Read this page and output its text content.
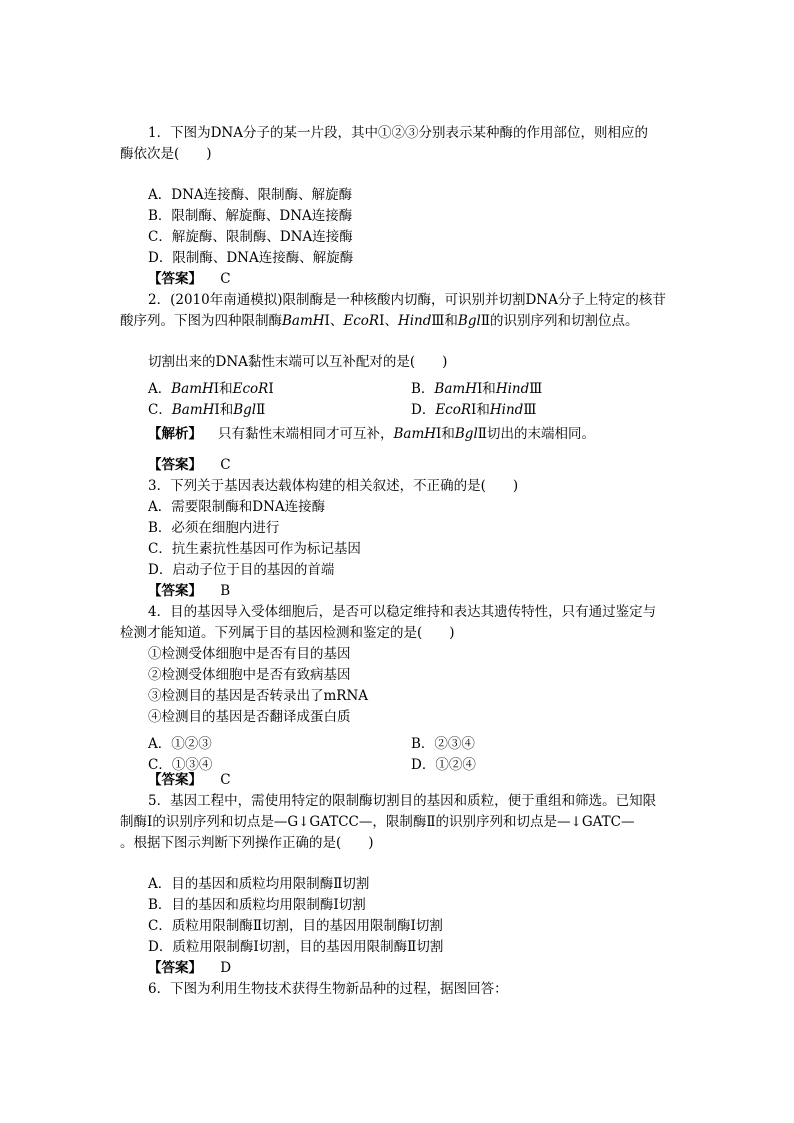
1．下图为DNA分子的某一片段，其中①②③分别表示某种酶的作用部位，则相应的
酶依次是(　　)
A．DNA连接酶、限制酶、解旋酶
B．限制酶、解旋酶、DNA连接酶
C．解旋酶、限制酶、DNA连接酶
D．限制酶、DNA连接酶、解旋酶
【答案】 C
2．(2010年南通模拟)限制酶是一种核酸内切酶，可识别并切割DNA分子上特定的核苷
酸序列。下图为四种限制酶BamHⅠ、EcoRⅠ、HindⅢ和BglⅡ的识别序列和切割位点。
切割出来的DNA黏性末端可以互补配对的是(　　)
A．BamHⅠ和EcoRⅠ	B．BamHⅠ和HindⅢ
C．BamHⅠ和BglⅡ	D．EcoRⅠ和HindⅢ
【解析】 只有黏性末端相同才可互补，BamHⅠ和BglⅡ切出的末端相同。
【答案】 C
3．下列关于基因表达载体构建的相关叙述，不正确的是(　　)
A．需要限制酶和DNA连接酶
B．必须在细胞内进行
C．抗生素抗性基因可作为标记基因
D．启动子位于目的基因的首端
【答案】 B
4．目的基因导入受体细胞后，是否可以稳定维持和表达其遗传特性，只有通过鉴定与
检测才能知道。下列属于目的基因检测和鉴定的是(　　)
①检测受体细胞中是否有目的基因
②检测受体细胞中是否有致病基因
③检测目的基因是否转录出了mRNA
④检测目的基因是否翻译成蛋白质
A．①②③	B．②③④
C．①③④	D．①②④
【答案】 C
5．基因工程中，需使用特定的限制酶切割目的基因和质粒，便于重组和筛选。已知限
制酶Ⅰ的识别序列和切点是—G↓GATCC—，限制酶Ⅱ的识别序列和切点是—↓GATC—
。根据下图示判断下列操作正确的是(　　)
A．目的基因和质粒均用限制酶Ⅱ切割
B．目的基因和质粒均用限制酶Ⅰ切割
C．质粒用限制酶Ⅱ切割，目的基因用限制酶Ⅰ切割
D．质粒用限制酶Ⅰ切割，目的基因用限制酶Ⅱ切割
【答案】 D
6．下图为利用生物技术获得生物新品种的过程，据图回答：
